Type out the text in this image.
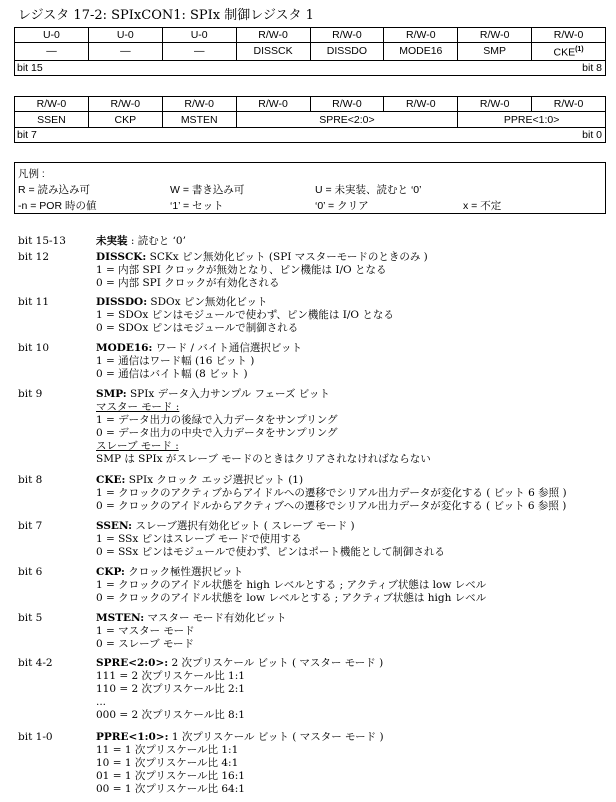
レジスタ 17-2: SPIxCON1: SPIx 制御レジスタ 1
U-0	U-0	U-0	R/W-0	R/W-0	R/W-0	R/W-0	R/W-0
—	—	—	DISSCK	DISSDO	MODE16	SMP	CKE$^{(1)}$

bit 15 bit 8							
R/W-0	R/W-0	R/W-0	R/W-0	R/W-0	R/W-0	R/W-0	R/W-0
SSEN	CKP	MSTEN	SPRE<2:0>			PPRE<1:0>	

bit 7 bit 0							
凡例 :
R = 読み込み可	W = 書き込み可	U = 未実装、読むと ‘0’
-n = POR 時の値	‘1’ = セット	‘0’ = クリア	x = 不定
bit 15-13	未実装 : 読むと ‘0’
bit 12	DISSCK: SCKx ピン無効化ビット (SPI マスターモードのときのみ )
1 = 内部 SPI クロックが無効となり、ピン機能は I/O となる
0 = 内部 SPI クロックが有効化される
bit 11	DISSDO: SDOx ピン無効化ビット
1 = SDOx ピンはモジュールで使わず、ピン機能は I/O となる
0 = SDOx ピンはモジュールで制御される
bit 10	MODE16: ワード / バイト通信選択ビット
1 = 通信はワード幅 (16 ビット )
0 = 通信はバイト幅 (8 ビット )
bit 9	SMP: SPIx データ入力サンプル フェーズ ビット
マスター モード :
1 = データ出力の後緑で入力データをサンプリング
0 = データ出力の中央で入力データをサンプリング
スレーブ モード :
SMP は SPIx がスレーブ モードのときはクリアされなければならない
bit 8	CKE: SPIx クロック エッジ選択ビット (1)
1 = クロックのアクティブからアイドルへの遷移でシリアル出力データが変化する ( ビット 6 参照 )
0 = クロックのアイドルからアクティブへの遷移でシリアル出力データが変化する ( ビット 6 参照 )
bit 7	SSEN: スレーブ選択有効化ビット ( スレーブ モード )
1 = SSx ピンはスレーブ モードで使用する
0 = SSx ピンはモジュールで使わず、ピンはポート機能として制御される
bit 6	CKP: クロック極性選択ビット
1 = クロックのアイドル状態を high レベルとする ; アクティブ状態は low レベル
0 = クロックのアイドル状態を low レベルとする ; アクティブ状態は high レベル
bit 5	MSTEN: マスター モード有効化ビット
1 = マスター モード
0 = スレーブ モード
bit 4-2	SPRE<2:0>: 2 次プリスケール ビット ( マスター モード )
111 = 2 次プリスケール比 1:1
110 = 2 次プリスケール比 2:1
...
000 = 2 次プリスケール比 8:1
bit 1-0	PPRE<1:0>: 1 次プリスケール ビット ( マスター モード )
11 = 1 次プリスケール比 1:1
10 = 1 次プリスケール比 4:1
01 = 1 次プリスケール比 16:1
00 = 1 次プリスケール比 64:1
